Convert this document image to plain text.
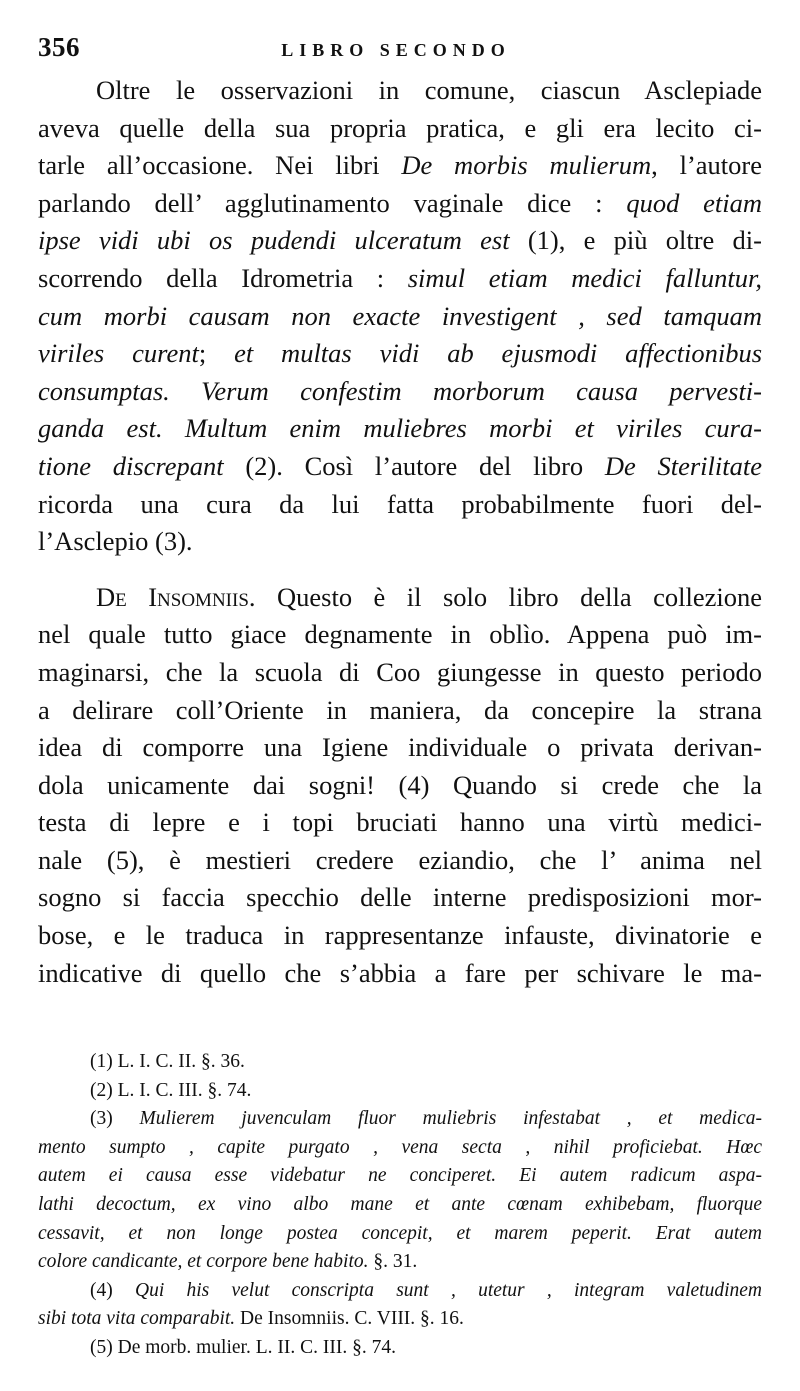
356	LIBRO SECONDO

Oltre le osservazioni in comune, ciascun Asclepiade
aveva quelle della sua propria pratica, e gli era lecito ci-
tarle all’occasione. Nei libri De morbis mulierum, l’autore
parlando dell’ agglutinamento vaginale dice : quod etiam
ipse vidi ubi os pudendi ulceratum est (1), e più oltre di-
scorrendo della Idrometria : simul etiam medici falluntur,
cum morbi causam non exacte investigent , sed tamquam
viriles curent; et multas vidi ab ejusmodi affectionibus
consumptas. Verum confestim morborum causa pervesti-
ganda est. Multum enim muliebres morbi et viriles cura-
tione discrepant (2). Così l’autore del libro De Sterilitate
ricorda una cura da lui fatta probabilmente fuori del-
l’Asclepio (3).

De Insomniis. Questo è il solo libro della collezione
nel quale tutto giace degnamente in oblìo. Appena può im-
maginarsi, che la scuola di Coo giungesse in questo periodo
a delirare coll’Oriente in maniera, da concepire la strana
idea di comporre una Igiene individuale o privata derivan-
dola unicamente dai sogni! (4) Quando si crede che la
testa di lepre e i topi bruciati hanno una virtù medici-
nale (5), è mestieri credere eziandio, che l’ anima nel
sogno si faccia specchio delle interne predisposizioni mor-
bose, e le traduca in rappresentanze infauste, divinatorie e
indicative di quello che s’abbia a fare per schivare le ma-

(1) L. I. C. II. §. 36.
(2) L. I. C. III. §. 74.
(3) Mulierem juvenculam fluor muliebris infestabat , et medica-
mento sumpto , capite purgato , vena secta , nihil proficiebat. Hœc
autem ei causa esse videbatur ne conciperet. Ei autem radicum aspa-
lathi decoctum, ex vino albo mane et ante cœnam exhibebam, fluorque
cessavit, et non longe postea concepit, et marem peperit. Erat autem
colore candicante, et corpore bene habito. §. 31.
(4) Qui his velut conscripta sunt , utetur , integram valetudinem
sibi tota vita comparabit. De Insomniis. C. VIII. §. 16.
(5) De morb. mulier. L. II. C. III. §. 74.
